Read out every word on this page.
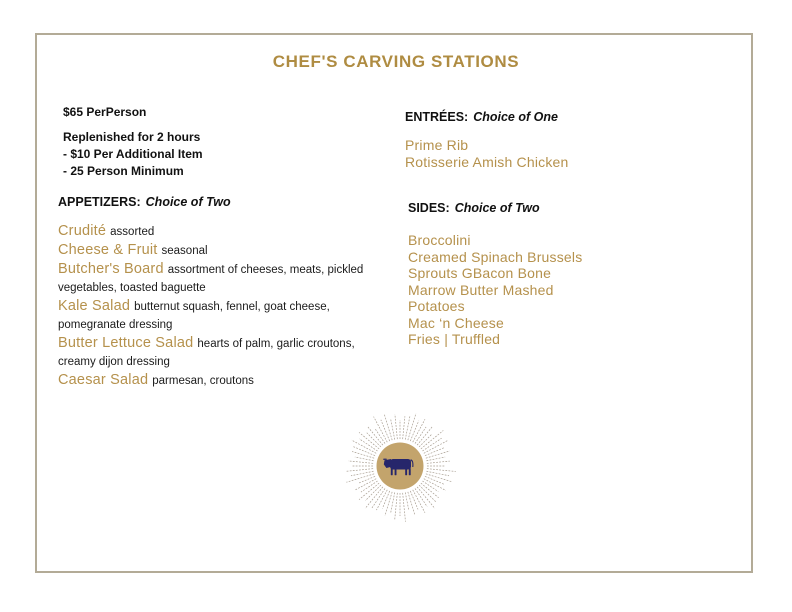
CHEF'S CARVING STATIONS
$65 PerPerson
Replenished for 2 hours
- $10 Per Additional Item
- 25 Person Minimum
APPETIZERS: Choice of Two

Crudité assorted

Cheese & Fruit seasonal

Butcher's Board assortment of cheeses, meats, pickled vegetables, toasted baguette

Kale Salad butternut squash, fennel, goat cheese, pomegranate dressing

Butter Lettuce Salad hearts of palm, garlic croutons, creamy dijon dressing

Caesar Salad parmesan, croutons

ENTRÉES: Choice of One
Prime Rib
Rotisserie Amish Chicken
SIDES: Choice of Two
Broccolini
Creamed Spinach Brussels
Sprouts GBacon Bone
Marrow Butter Mashed
Potatoes
Mac ‘n Cheese
Fries | Truffled
